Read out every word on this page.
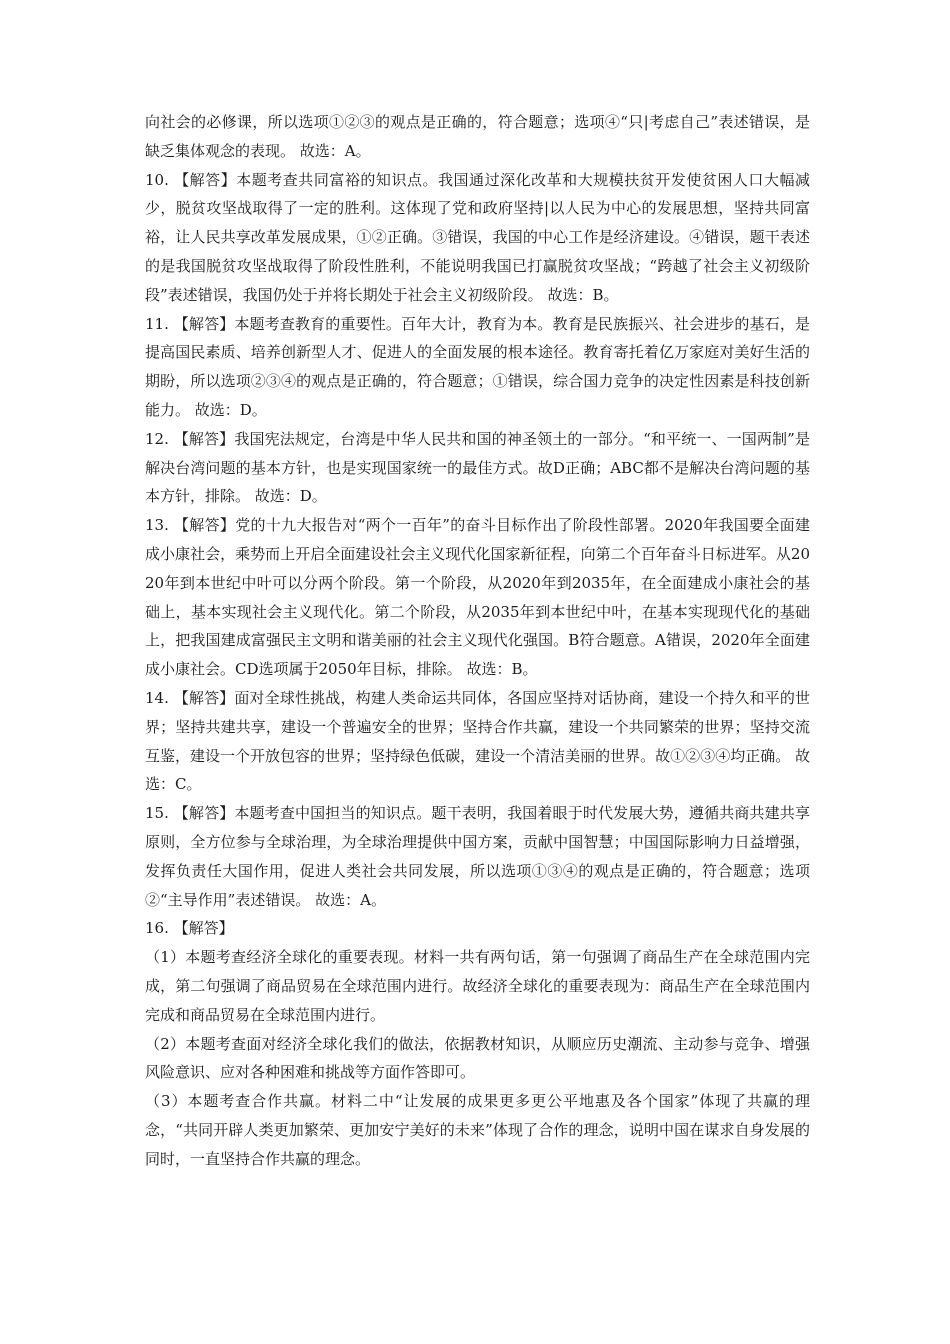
向社会的必修课，所以选项①②③的观点是正确的，符合题意；选项④“只|考虑自己”表述错误，是缺乏集体观念的表现。 故选：A。

10. 【解答】本题考查共同富裕的知识点。我国通过深化改革和大规模扶贫开发使贫困人口大幅减少，脱贫攻坚战取得了一定的胜利。这体现了党和政府坚持|以人民为中心的发展思想，坚持共同富裕，让人民共享改革发展成果，①②正确。③错误，我国的中心工作是经济建设。④错误，题干表述的是我国脱贫攻坚战取得了阶段性胜利，不能说明我国已打赢脱贫攻坚战；“跨越了社会主义初级阶段”表述错误，我国仍处于并将长期处于社会主义初级阶段。 故选：B。

11. 【解答】本题考查教育的重要性。百年大计，教育为本。教育是民族振兴、社会进步的基石，是提高国民素质、培养创新型人才、促进人的全面发展的根本途径。教育寄托着亿万家庭对美好生活的期盼，所以选项②③④的观点是正确的，符合题意；①错误，综合国力竞争的决定性因素是科技创新能力。 故选：D。

12. 【解答】我国宪法规定，台湾是中华人民共和国的神圣领土的一部分。“和平统一、一国两制”是解决台湾问题的基本方针，也是实现国家统一的最佳方式。故D正确；ABC都不是解决台湾问题的基本方针，排除。 故选：D。

13. 【解答】党的十九大报告对“两个一百年”的奋斗目标作出了阶段性部署。2020年我国要全面建成小康社会，乘势而上开启全面建设社会主义现代化国家新征程，向第二个百年奋斗日标进军。从2020年到本世纪中叶可以分两个阶段。第一个阶段，从2020年到2035年，在全面建成小康社会的基础上，基本实现社会主义现代化。第二个阶段，从2035年到本世纪中叶，在基本实现现代化的基础上，把我国建成富强民主文明和谐美丽的社会主义现代化强国。B符合题意。A错误，2020年全面建成小康社会。CD选项属于2050年目标，排除。 故选：B。

14. 【解答】面对全球性挑战，构建人类命运共同体，各国应坚持对话协商，建设一个持久和平的世界；坚持共建共享，建设一个普遍安全的世界；坚持合作共赢，建设一个共同繁荣的世界；坚持交流互鉴，建设一个开放包容的世界；坚持绿色低碳，建设一个清洁美丽的世界。故①②③④均正确。 故选：C。

15. 【解答】本题考查中国担当的知识点。题干表明，我国着眼于时代发展大势，遵循共商共建共享原则，全方位参与全球治理，为全球治理提供中国方案，贡献中国智慧；中国国际影响力日益增强，发挥负责任大国作用，促进人类社会共同发展，所以选项①③④的观点是正确的，符合题意；选项②“主导作用”表述错误。 故选：A。

16. 【解答】

（1）本题考查经济全球化的重要表现。材料一共有两句话，第一句强调了商品生产在全球范围内完成，第二句强调了商品贸易在全球范围内进行。故经济全球化的重要表现为：商品生产在全球范围内完成和商品贸易在全球范围内进行。

（2）本题考查面对经济全球化我们的做法，依据教材知识，从顺应历史潮流、主动参与竞争、增强风险意识、应对各种困难和挑战等方面作答即可。

（3）本题考查合作共赢。材料二中“让发展的成果更多更公平地惠及各个国家”体现了共赢的理念，“共同开辟人类更加繁荣、更加安宁美好的未来”体现了合作的理念，说明中国在谋求自身发展的同时，一直坚持合作共赢的理念。
